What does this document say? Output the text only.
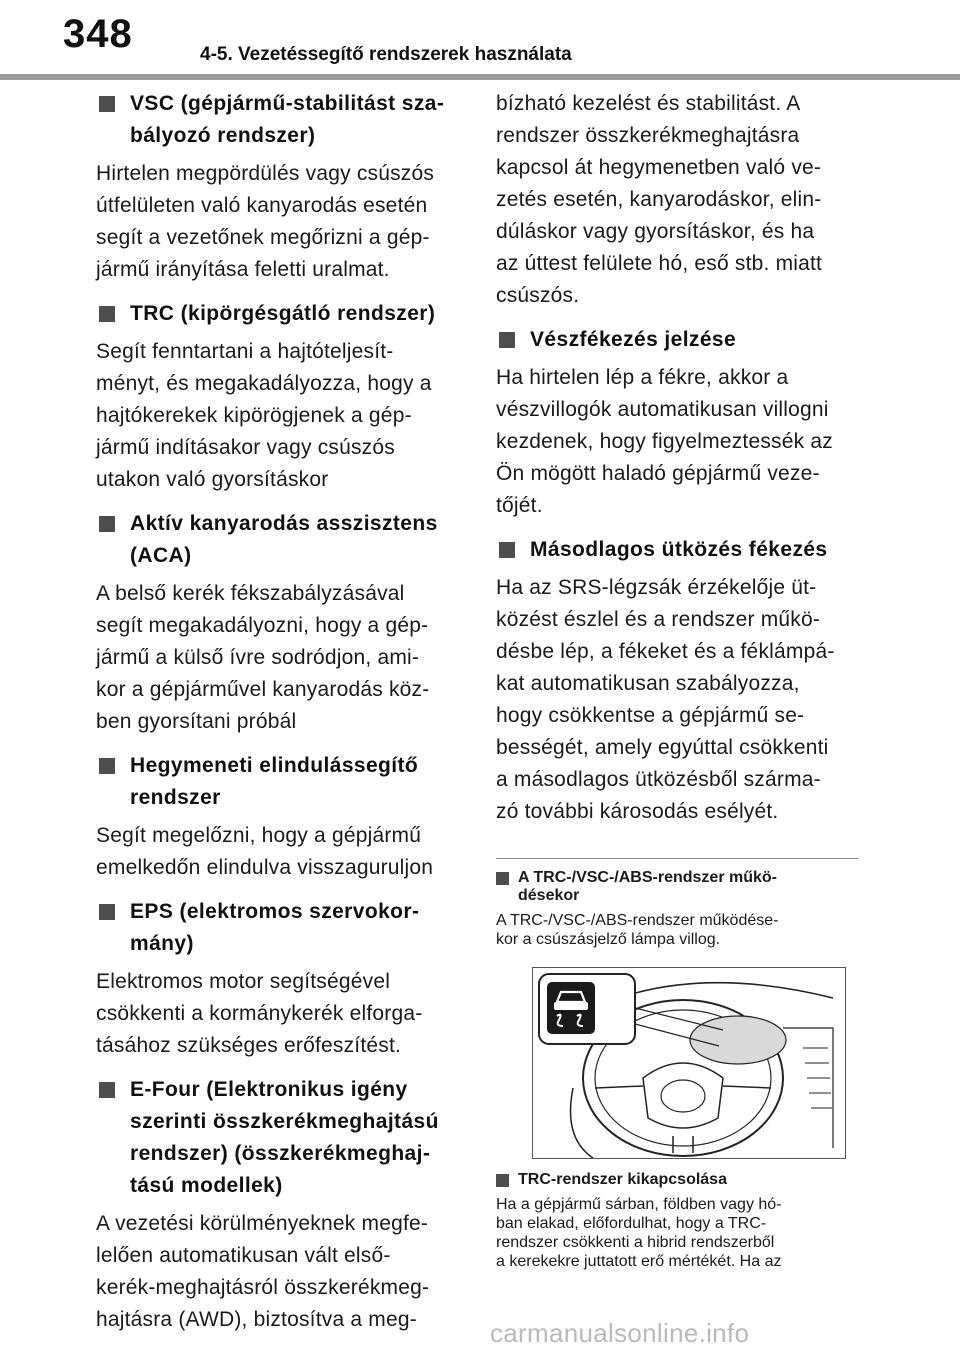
348	4-5. Vezetéssegítő rendszerek használata
VSC (gépjármű-stabilitást sza-
bályozó rendszer)
Hirtelen megpördülés vagy csúszós
útfelületen való kanyarodás esetén
segít a vezetőnek megőrizni a gép-
jármű irányítása feletti uralmat.
TRC (kipörgésgátló rendszer)
Segít fenntartani a hajtóteljesít-
ményt, és megakadályozza, hogy a
hajtókerekek kipörögjenek a gép-
jármű indításakor vagy csúszós
utakon való gyorsításkor
Aktív kanyarodás asszisztens
(ACA)
A belső kerék fékszabályzásával
segít megakadályozni, hogy a gép-
jármű a külső ívre sodródjon, ami-
kor a gépjárművel kanyarodás köz-
ben gyorsítani próbál
Hegymeneti elindulássegítő
rendszer
Segít megelőzni, hogy a gépjármű
emelkedőn elindulva visszaguruljon
EPS (elektromos szervokor-
mány)
Elektromos motor segítségével
csökkenti a kormánykerék elforga-
tásához szükséges erőfeszítést.
E-Four (Elektronikus igény
szerinti összkerékmeghajtású
rendszer) (összkerékmeghaj-
tású modellek)
A vezetési körülményeknek megfe-
lelően automatikusan vált első-
kerék-meghajtásról összkerékmeg-
hajtásra (AWD), biztosítva a meg-
bízható kezelést és stabilitást. A
rendszer összkerékmeghajtásra
kapcsol át hegymenetben való ve-
zetés esetén, kanyarodáskor, elin-
dúláskor vagy gyorsításkor, és ha
az úttest felülete hó, eső stb. miatt
csúszós.
Vészfékezés jelzése
Ha hirtelen lép a fékre, akkor a
vészvillogók automatikusan villogni
kezdenek, hogy figyelmeztessék az
Ön mögött haladó gépjármű veze-
tőjét.
Másodlagos ütközés fékezés
Ha az SRS-légzsák érzékelője üt-
közést észlel és a rendszer műkö-
désbe lép, a fékeket és a féklámpá-
kat automatikusan szabályozza,
hogy csökkentse a gépjármű se-
bességét, amely egyúttal csökkenti
a másodlagos ütközésből szárma-
zó további károsodás esélyét.
A TRC-/VSC-/ABS-rendszer műkö-
désekor
A TRC-/VSC-/ABS-rendszer működése-
kor a csúszásjelző lámpa villog.
TRC-rendszer kikapcsolása
Ha a gépjármű sárban, földben vagy hó-
ban elakad, előfordulhat, hogy a TRC-
rendszer csökkenti a hibrid rendszerből
a kerekekre juttatott erő mértékét. Ha az
carmanualsonline.info
